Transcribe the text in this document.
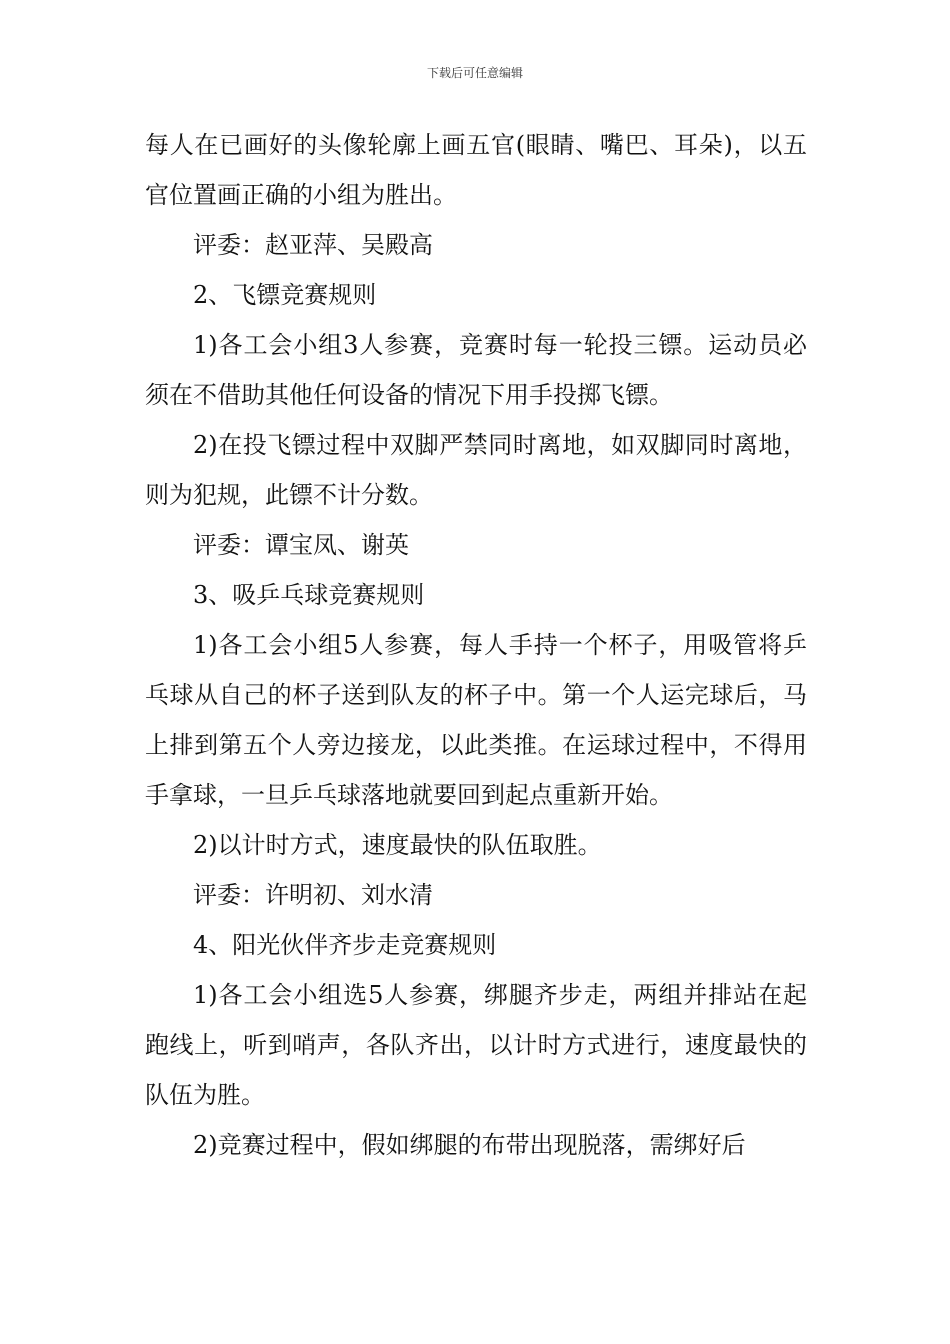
下载后可任意编辑

每人在已画好的头像轮廓上画五官(眼睛、嘴巴、耳朵)，以五官位置画正确的小组为胜出。

评委：赵亚萍、吴殿高

2、飞镖竞赛规则

1)各工会小组3人参赛，竞赛时每一轮投三镖。运动员必须在不借助其他任何设备的情况下用手投掷飞镖。

2)在投飞镖过程中双脚严禁同时离地，如双脚同时离地，则为犯规，此镖不计分数。

评委：谭宝凤、谢英

3、吸乒乓球竞赛规则

1)各工会小组5人参赛，每人手持一个杯子，用吸管将乒乓球从自己的杯子送到队友的杯子中。第一个人运完球后，马上排到第五个人旁边接龙，以此类推。在运球过程中，不得用手拿球，一旦乒乓球落地就要回到起点重新开始。

2)以计时方式，速度最快的队伍取胜。

评委：许明初、刘水清

4、阳光伙伴齐步走竞赛规则

1)各工会小组选5人参赛，绑腿齐步走，两组并排站在起跑线上，听到哨声，各队齐出，以计时方式进行，速度最快的队伍为胜。

2)竞赛过程中，假如绑腿的布带出现脱落，需绑好后
